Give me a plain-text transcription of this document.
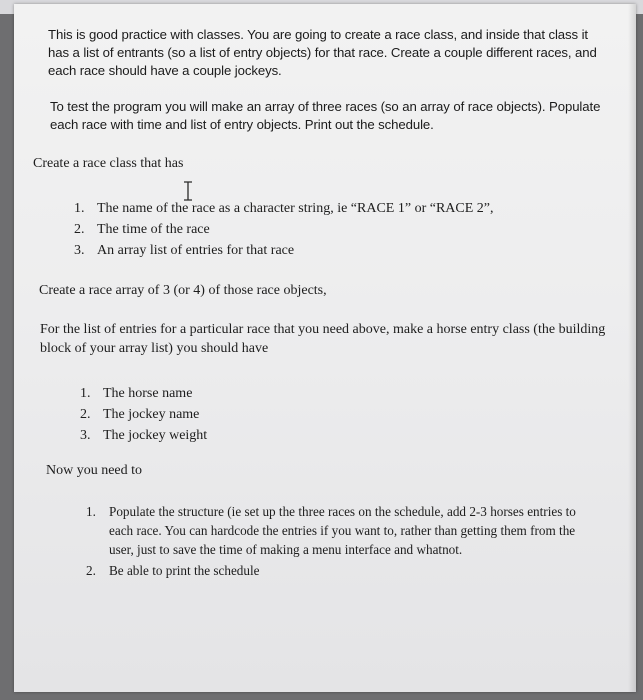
This is good practice with classes. You are going to create a race class, and inside that class it has a list of entrants (so a list of entry objects) for that race. Create a couple different races, and each race should have a couple jockeys.

To test the program you will make an array of three races (so an array of race objects). Populate each race with time and list of entry objects. Print out the schedule.

Create a race class that has

1. The name of the race as a character string, ie “RACE 1” or “RACE 2”,
2. The time of the race
3. An array list of entries for that race

Create a race array of 3 (or 4) of those race objects,

For the list of entries for a particular race that you need above, make a horse entry class (the building block of your array list) you should have

1. The horse name
2. The jockey name
3. The jockey weight

Now you need to

1. Populate the structure (ie set up the three races on the schedule, add 2-3 horses entries to each race. You can hardcode the entries if you want to, rather than getting them from the user, just to save the time of making a menu interface and whatnot.
2. Be able to print the schedule
